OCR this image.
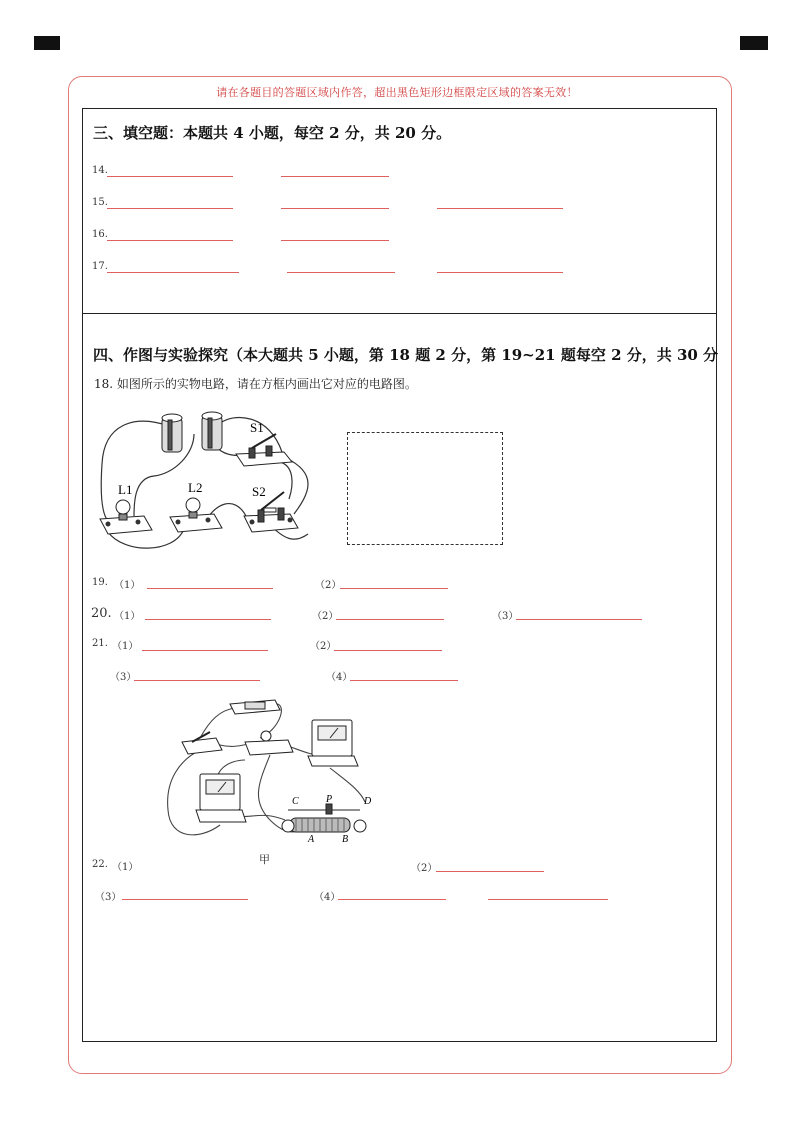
请在各题目的答题区域内作答，超出黑色矩形边框限定区域的答案无效！
三、填空题：本题共 4 小题，每空 2 分，共 20 分。
14.
15.
16.
17.
四、作图与实验探究（本大题共 5 小题，第 18 题 2 分，第 19~21 题每空 2 分，共 30 分
18. 如图所示的实物电路，请在方框内画出它对应的电路图。
S1
L1	L2	S2
19. （1）	（2）
20. （1）	（2）	（3）
21. （1）	（2）
（3）	（4）
C	P	D
A	B
甲
22. （1）	（2）
（3）	（4）
